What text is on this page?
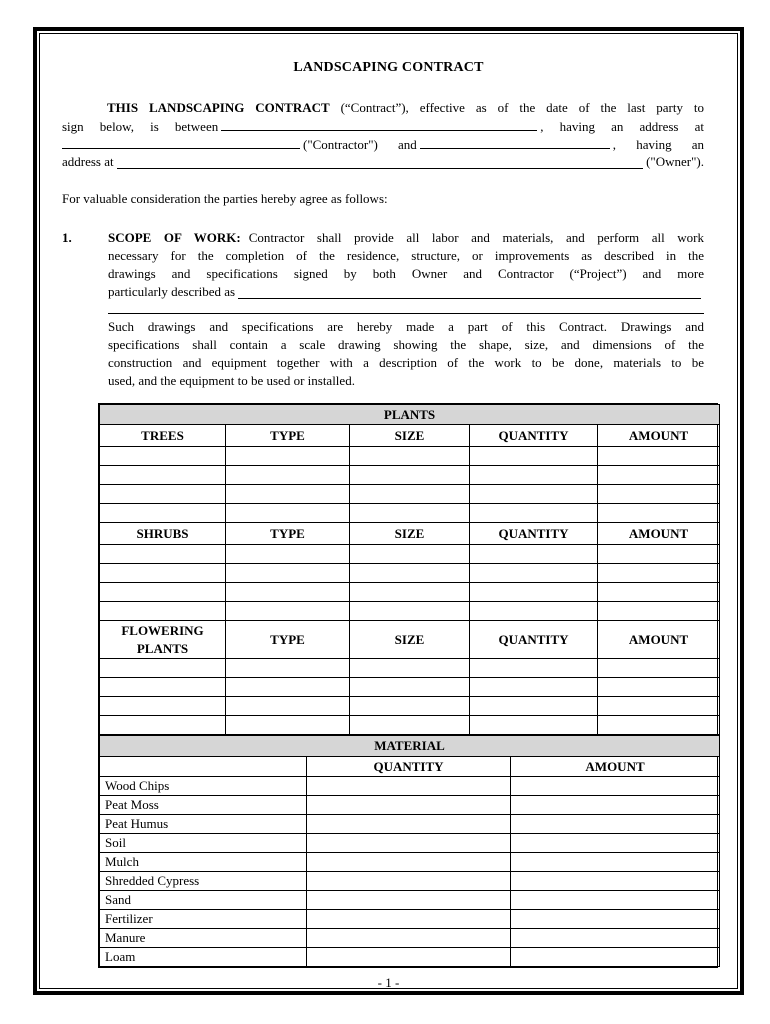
LANDSCAPING CONTRACT
THIS LANDSCAPING CONTRACT (“Contract”), effective as of the date of the last party to
sign below, is between	, having an address at
("Contractor") and	, having an
address at	("Owner").
For valuable consideration the parties hereby agree as follows:
1.	SCOPE OF WORK: Contractor shall provide all labor and materials, and perform all work
necessary for the completion of the residence, structure, or improvements as described in the
drawings and specifications signed by both Owner and Contractor (“Project”) and more
particularly described as
Such drawings and specifications are hereby made a part of this Contract. Drawings and
specifications shall contain a scale drawing showing the shape, size, and dimensions of the
construction and equipment together with a description of the work to be done, materials to be
used, and the equipment to be used or installed.
PLANTS				
TREES	TYPE	SIZE	QUANTITY	AMOUNT

SHRUBS	TYPE	SIZE	QUANTITY	AMOUNT

FLOWERING PLANTS	TYPE	SIZE	QUANTITY	AMOUNT

MATERIAL		
	QUANTITY	AMOUNT
Wood Chips		
Peat Moss		
Peat Humus		
Soil		
Mulch		
Shredded Cypress		
Sand		
Fertilizer		
Manure		
Loam		
- 1 -
